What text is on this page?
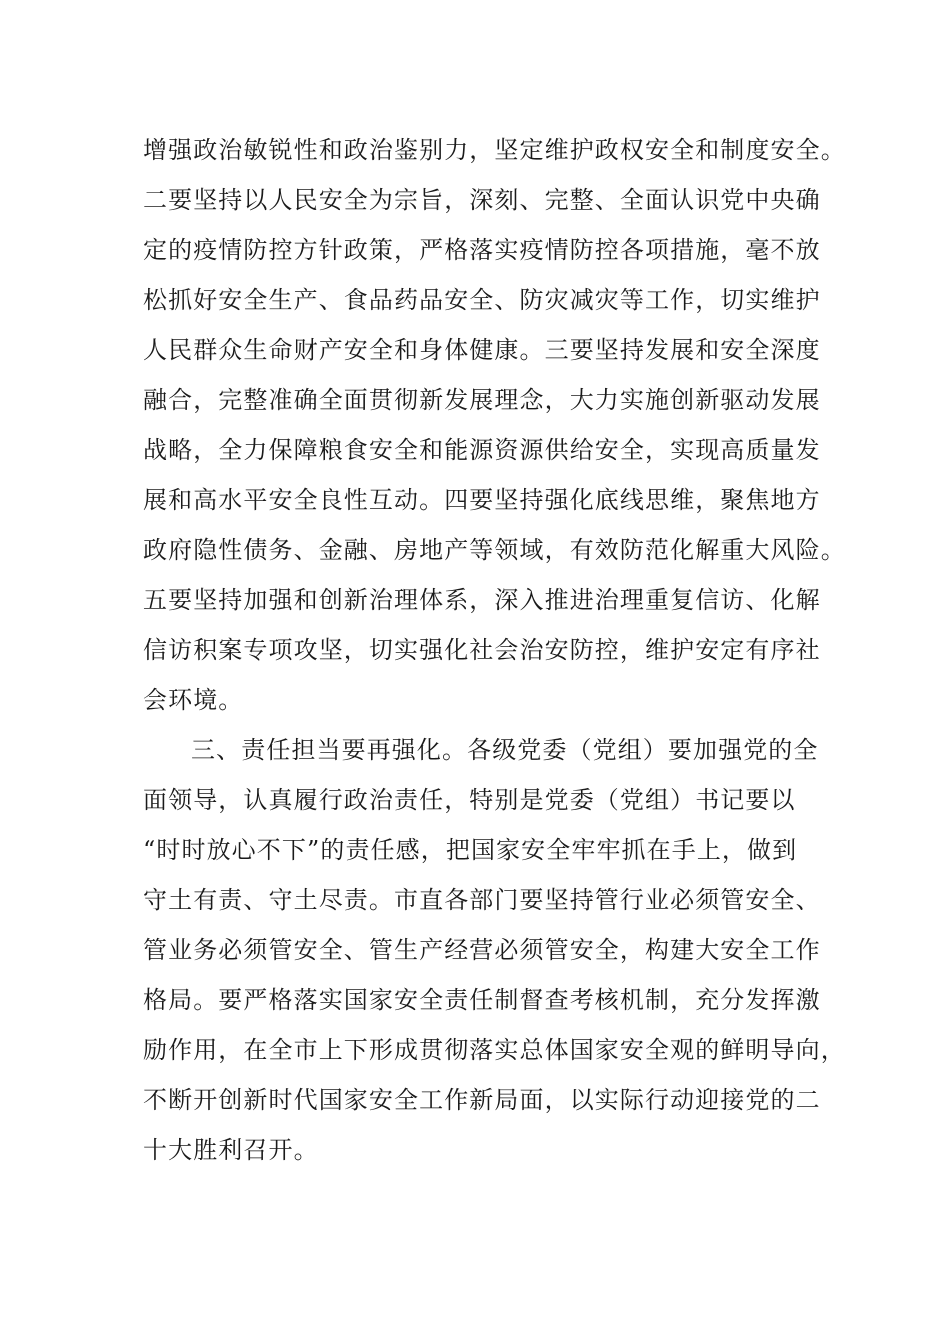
增强政治敏锐性和政治鉴别力，坚定维护政权安全和制度安全。

二要坚持以人民安全为宗旨，深刻、完整、全面认识党中央确

定的疫情防控方针政策，严格落实疫情防控各项措施，毫不放

松抓好安全生产、食品药品安全、防灾减灾等工作，切实维护

人民群众生命财产安全和身体健康。三要坚持发展和安全深度

融合，完整准确全面贯彻新发展理念，大力实施创新驱动发展

战略，全力保障粮食安全和能源资源供给安全，实现高质量发

展和高水平安全良性互动。四要坚持强化底线思维，聚焦地方

政府隐性债务、金融、房地产等领域，有效防范化解重大风险。

五要坚持加强和创新治理体系，深入推进治理重复信访、化解

信访积案专项攻坚，切实强化社会治安防控，维护安定有序社

会环境。

三、责任担当要再强化。各级党委（党组）要加强党的全

面领导，认真履行政治责任，特别是党委（党组）书记要以

“时时放心不下”的责任感，把国家安全牢牢抓在手上，做到

守土有责、守土尽责。市直各部门要坚持管行业必须管安全、

管业务必须管安全、管生产经营必须管安全，构建大安全工作

格局。要严格落实国家安全责任制督查考核机制，充分发挥激

励作用，在全市上下形成贯彻落实总体国家安全观的鲜明导向，

不断开创新时代国家安全工作新局面，以实际行动迎接党的二

十大胜利召开。
